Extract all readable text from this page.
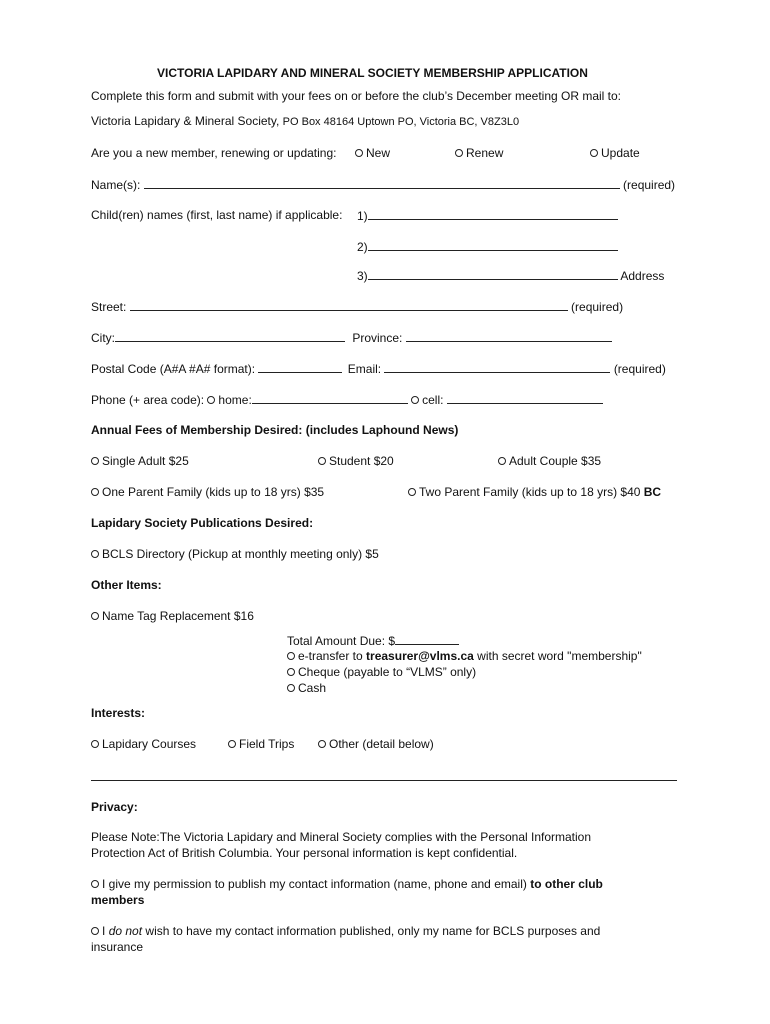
VICTORIA LAPIDARY AND MINERAL SOCIETY MEMBERSHIP APPLICATION
Complete this form and submit with your fees on or before the club’s December meeting OR mail to:
Victoria Lapidary & Mineral Society, PO Box 48164 Uptown PO, Victoria BC, V8Z3L0
Are you a new member, renewing or updating:	New	Renew	Update
Name(s):	(required)
Child(ren) names (first, last name) if applicable: 1)
2)
3)	Address
Street:	(required)
City:	Province:
Postal Code (A#A #A# format):	Email:	(required)
Phone (+ area code): home:	cell:
Annual Fees of Membership Desired: (includes Laphound News)
Single Adult $25	Student $20	Adult Couple $35
One Parent Family (kids up to 18 yrs) $35	Two Parent Family (kids up to 18 yrs) $40 BC
Lapidary Society Publications Desired:
BCLS Directory (Pickup at monthly meeting only) $5
Other Items:
Name Tag Replacement $16
Total Amount Due: $
e-transfer to treasurer@vlms.ca with secret word "membership"
Cheque (payable to “VLMS” only)
Cash
Interests:
Lapidary Courses	Field Trips	Other (detail below)
Privacy:
Please Note:The Victoria Lapidary and Mineral Society complies with the Personal Information
Protection Act of British Columbia. Your personal information is kept confidential.
I give my permission to publish my contact information (name, phone and email) to other club
members
I do not wish to have my contact information published, only my name for BCLS purposes and
insurance
